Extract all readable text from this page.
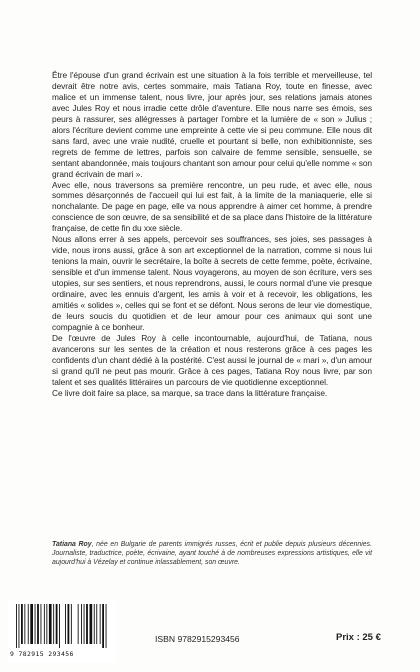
Être l'épouse d'un grand écrivain est une situation à la fois terrible et merveilleuse, tel devrait être notre avis, certes sommaire, mais Tatiana Roy, toute en finesse, avec malice et un immense talent, nous livre, jour après jour, ses relations jamais atones avec Jules Roy et nous irradie cette drôle d'aventure. Elle nous narre ses émois, ses peurs à rassurer, ses allégresses à partager l'ombre et la lumière de « son » Julius ; alors l'écriture devient comme une empreinte à cette vie si peu commune. Elle nous dit sans fard, avec une vraie nudité, cruelle et pourtant si belle, non exhibitionniste, ses regrets de femme de lettres, parfois son calvaire de femme sensible, sensuelle, se sentant abandonnée, mais toujours chantant son amour pour celui qu'elle nomme « son grand écrivain de mari ».

Avec elle, nous traversons sa première rencontre, un peu rude, et avec elle, nous sommes désarçonnés de l'accueil qui lui est fait, à la limite de la maniaquerie, elle si nonchalante. De page en page, elle va nous apprendre à aimer cet homme, à prendre conscience de son œuvre, de sa sensibilité et de sa place dans l'histoire de la littérature française, de cette fin du xxe siècle.

Nous allons errer à ses appels, percevoir ses souffrances, ses joies, ses passages à vide, nous irons aussi, grâce à son art exceptionnel de la narration, comme si nous lui tenions la main, ouvrir le secrétaire, la boîte à secrets de cette femme, poète, écrivaine, sensible et d'un immense talent. Nous voyagerons, au moyen de son écriture, vers ses utopies, sur ses sentiers, et nous reprendrons, aussi, le cours normal d'une vie presque ordinaire, avec les ennuis d'argent, les amis à voir et à recevoir, les obligations, les amitiés « solides », celles qui se font et se défont. Nous serons de leur vie domestique, de leurs soucis du quotidien et de leur amour pour ces animaux qui sont une compagnie à ce bonheur.

De l'œuvre de Jules Roy à celle incontournable, aujourd'hui, de Tatiana, nous avancerons sur les sentes de la création et nous resterons grâce à ces pages les confidents d'un chant dédié à la postérité. C'est aussi le journal de « mari », d'un amour si grand qu'il ne peut pas mourir. Grâce à ces pages, Tatiana Roy nous livre, par son talent et ses qualités littéraires un parcours de vie quotidienne exceptionnel.

Ce livre doit faire sa place, sa marque, sa trace dans la littérature française.

Tatiana Roy, née en Bulgarie de parents immigrés russes, écrit et publie depuis plusieurs décennies. Journaliste, traductrice, poète, écrivaine, ayant touché à de nombreuses expressions artistiques, elle vit aujourd'hui à Vézelay et continue inlassablement, son œuvre.
9 782915 293456
ISBN 9782915293456	Prix : 25 €
